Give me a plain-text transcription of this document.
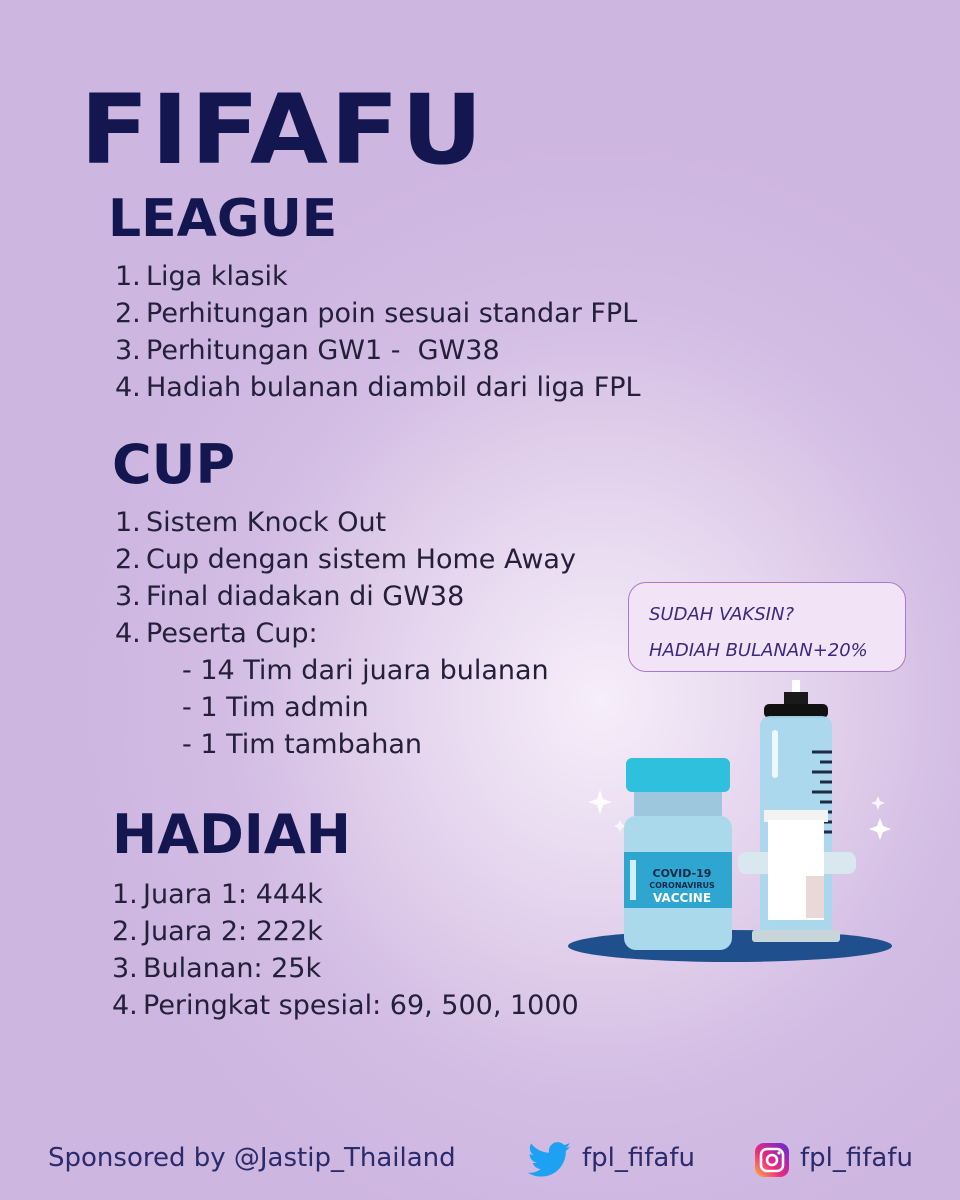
FIFAFU
LEAGUE
1. Liga klasik
2. Perhitungan poin sesuai standar FPL
3. Perhitungan GW1 -  GW38
4. Hadiah bulanan diambil dari liga FPL
CUP
1. Sistem Knock Out
2. Cup dengan sistem Home Away
3. Final diadakan di GW38
4. Peserta Cup:
- 14 Tim dari juara bulanan
- 1 Tim admin
- 1 Tim tambahan
HADIAH
1. Juara 1: 444k
2. Juara 2: 222k
3. Bulanan: 25k
4. Peringkat spesial: 69, 500, 1000
SUDAH VAKSIN?
HADIAH BULANAN+20%
COVID-19
CORONAVIRUS
VACCINE
Sponsored by @Jastip_Thailand	fpl_fifafu	fpl_fifafu
